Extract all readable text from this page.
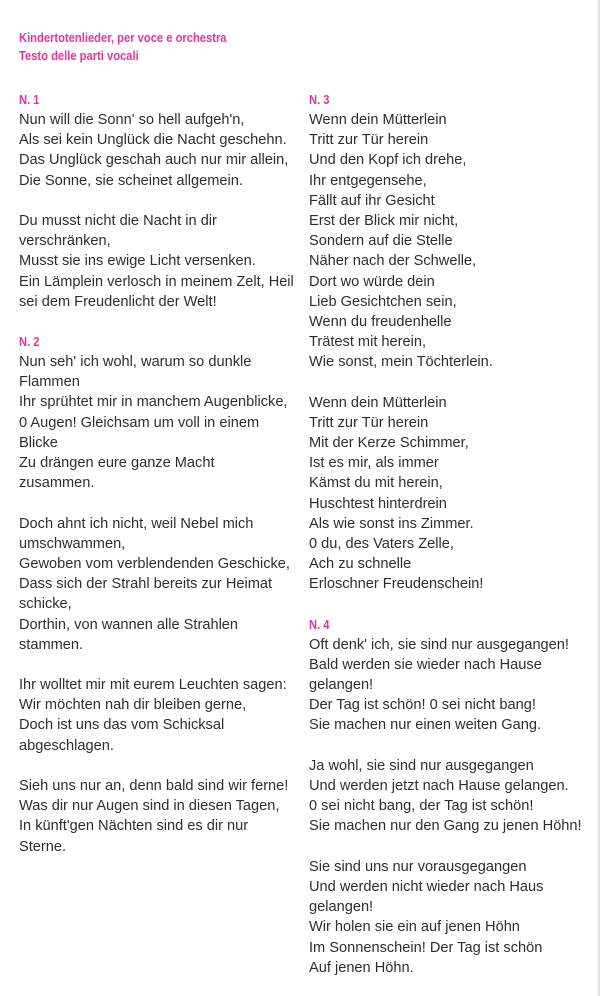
Kindertotenlieder, per voce e orchestra
Testo delle parti vocali
N. 1
Nun will die Sonn' so hell aufgeh'n,
Als sei kein Unglück die Nacht geschehn.
Das Unglück geschah auch nur mir allein,
Die Sonne, sie scheinet allgemein.
Du musst nicht die Nacht in dir
verschränken,
Musst sie ins ewige Licht versenken.
Ein Lämplein verlosch in meinem Zelt, Heil
sei dem Freudenlicht der Welt!
N. 2
Nun seh' ich wohl, warum so dunkle
Flammen
Ihr sprühtet mir in manchem Augenblicke,
0 Augen! Gleichsam um voll in einem
Blicke
Zu drängen eure ganze Macht
zusammen.
Doch ahnt ich nicht, weil Nebel mich
umschwammen,
Gewoben vom verblendenden Geschicke,
Dass sich der Strahl bereits zur Heimat
schicke,
Dorthin, von wannen alle Strahlen
stammen.
Ihr wolltet mir mit eurem Leuchten sagen:
Wir möchten nah dir bleiben gerne,
Doch ist uns das vom Schicksal
abgeschlagen.
Sieh uns nur an, denn bald sind wir ferne!
Was dir nur Augen sind in diesen Tagen,
In künft'gen Nächten sind es dir nur
Sterne.
N. 3
Wenn dein Mütterlein
Tritt zur Tür herein
Und den Kopf ich drehe,
Ihr entgegensehe,
Fällt auf ihr Gesicht
Erst der Blick mir nicht,
Sondern auf die Stelle
Näher nach der Schwelle,
Dort wo würde dein
Lieb Gesichtchen sein,
Wenn du freudenhelle
Trätest mit herein,
Wie sonst, mein Töchterlein.
Wenn dein Mütterlein
Tritt zur Tür herein
Mit der Kerze Schimmer,
Ist es mir, als immer
Kämst du mit herein,
Huschtest hinterdrein
Als wie sonst ins Zimmer.
0 du, des Vaters Zelle,
Ach zu schnelle
Erloschner Freudenschein!
N. 4
Oft denk' ich, sie sind nur ausgegangen!
Bald werden sie wieder nach Hause
gelangen!
Der Tag ist schön! 0 sei nicht bang!
Sie machen nur einen weiten Gang.
Ja wohl, sie sind nur ausgegangen
Und werden jetzt nach Hause gelangen.
0 sei nicht bang, der Tag ist schön!
Sie machen nur den Gang zu jenen Höhn!
Sie sind uns nur vorausgegangen
Und werden nicht wieder nach Haus
gelangen!
Wir holen sie ein auf jenen Höhn
Im Sonnenschein! Der Tag ist schön
Auf jenen Höhn.
